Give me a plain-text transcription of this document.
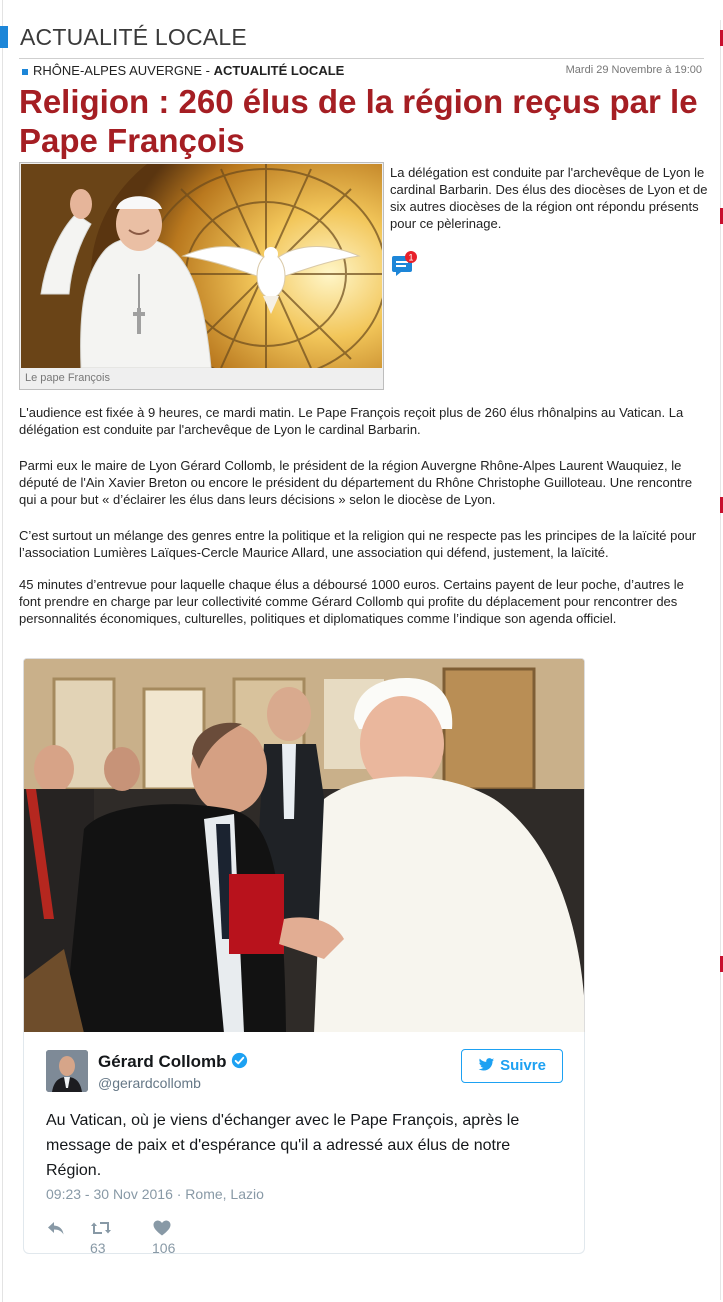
ACTUALITÉ LOCALE
RHÔNE-ALPES AUVERGNE - ACTUALITÉ LOCALE	Mardi 29 Novembre à 19:00
Religion : 260 élus de la région reçus par le Pape François
Le pape François
La délégation est conduite par l'archevêque de Lyon le cardinal Barbarin. Des élus des diocèses de Lyon et de six autres diocèses de la région ont répondu présents pour ce pèlerinage.
1

L'audience est fixée à 9 heures, ce mardi matin. Le Pape François reçoit plus de 260 élus rhônalpins au Vatican. La délégation est conduite par l'archevêque de Lyon le cardinal Barbarin.

Parmi eux le maire de Lyon Gérard Collomb, le président de la région Auvergne Rhône-Alpes Laurent Wauquiez, le député de l'Ain Xavier Breton ou encore le président du département du Rhône Christophe Guilloteau. Une rencontre qui a pour but « d’éclairer les élus dans leurs décisions » selon le diocèse de Lyon.

C’est surtout un mélange des genres entre la politique et la religion qui ne respecte pas les principes de la laïcité pour l’association Lumières Laïques-Cercle Maurice Allard, une association qui défend, justement, la laïcité.

45 minutes d’entrevue pour laquelle chaque élus a déboursé 1000 euros. Certains payent de leur poche, d’autres le font prendre en charge par leur collectivité comme Gérard Collomb qui profite du déplacement pour rencontrer des personnalités économiques, culturelles, politiques et diplomatiques comme l’indique son agenda officiel.

Gérard Collomb
@gerardcollomb
Suivre
Au Vatican, où je viens d'échanger avec le Pape François, après le message de paix et d'espérance qu'il a adressé aux élus de notre Région.
09:23 - 30 Nov 2016 · Rome, Lazio
63	106
